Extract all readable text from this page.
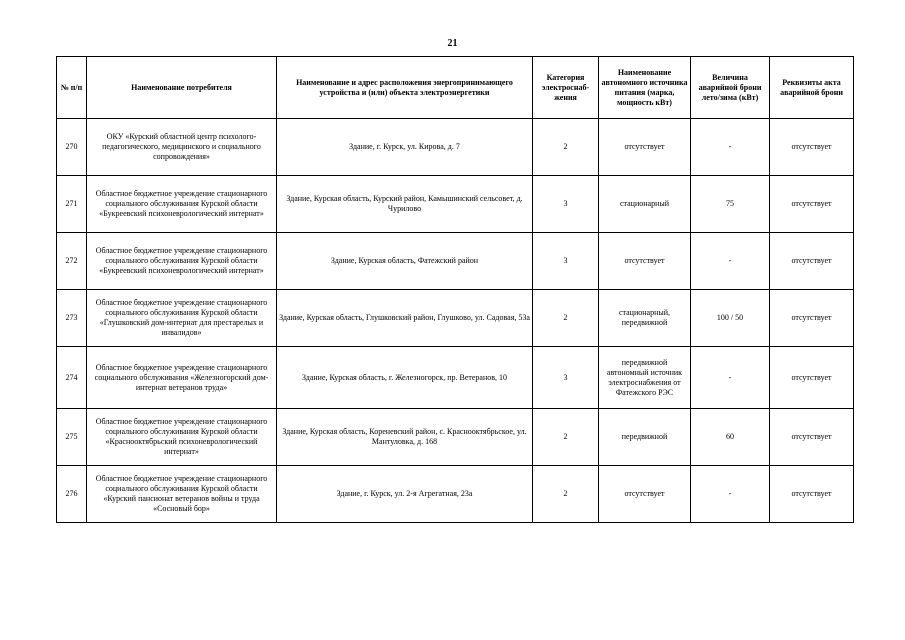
21
№ п/п	Наименование потребителя	Наименование и адрес расположения энергопринимающего устройства и (или) объекта электроэнергетики	Категория электроснаб-жения	Наименование автономного источника питания (марка, мощность кВт)	Величина аварийной брони лето/зима (кВт)	Реквизиты акта аварийной брони
270	ОКУ «Курский областной центр психолого-педагогического, медицинского и социального сопровождения»	Здание, г. Курск, ул. Кирова, д. 7	2	отсутствует	-	отсутствует
271	Областное бюджетное учреждение стационарного социального обслуживания Курской области «Букреевский психоневрологический интернат»	Здание, Курская область, Курский район, Камышинский сельсовет, д. Чурилово	3	стационарный	75	отсутствует
272	Областное бюджетное учреждение стационарного социального обслуживания Курской области «Букреевский психоневрологический интернат»	Здание, Курская область, Фатежский район	3	отсутствует	-	отсутствует
273	Областное бюджетное учреждение стационарного социального обслуживания Курской области «Глушковский дом-интернат для престарелых и инвалидов»	Здание, Курская область, Глушковский район, Глушково, ул. Садовая, 53а	2	стационарный, передвижной	100 / 50	отсутствует
274	Областное бюджетное учреждение стационарного социального обслуживания «Железногорский дом- интернат ветеранов труда»	Здание, Курская область, г. Железногорск, пр. Ветеранов, 10	3	передвижной автономный источник электроснабжения от Фатежского РЭС	-	отсутствует
275	Областное бюджетное учреждение стационарного социального обслуживания Курской области «Краснооктябрьский психоневрологический интернат»	Здание, Курская область, Кореневский район, с. Краснооктябрьское, ул. Мантуловка, д. 168	2	передвижной	60	отсутствует
276	Областное бюджетное учреждение стационарного социального обслуживания Курской области «Курский пансионат ветеранов войны и труда «Сосновый бор»	Здание, г. Курск, ул. 2-я Агрегатная, 23а	2	отсутствует	-	отсутствует
